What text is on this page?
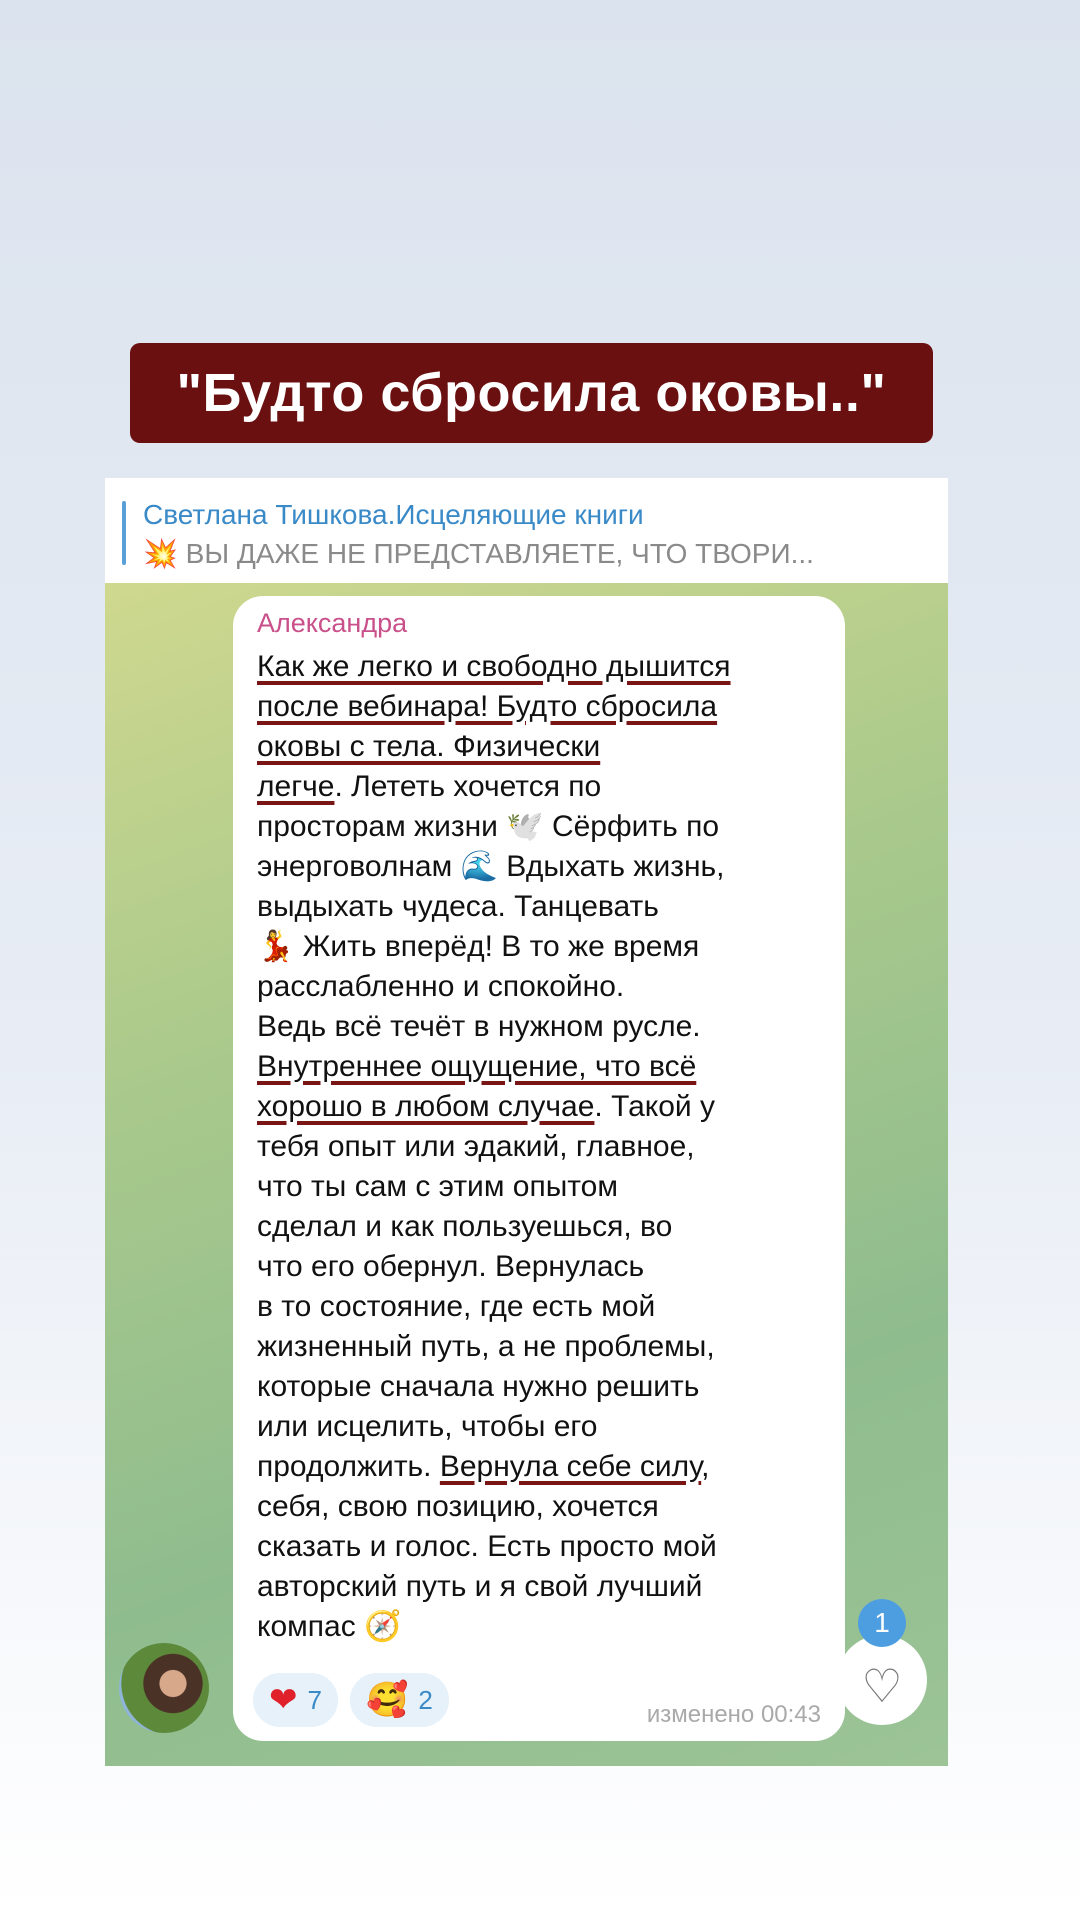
"Будто сбросила оковы.."
Светлана Тишкова.Исцеляющие книги
💥 ВЫ ДАЖЕ НЕ ПРЕДСТАВЛЯЕТЕ, ЧТО ТВОРИ...
Александра
Как же легко и свободно дышится
после вебинара! Будто сбросила
оковы с тела. Физически
легче. Лететь хочется по
просторам жизни 🕊️ Сёрфить по
энерговолнам 🌊 Вдыхать жизнь,
выдыхать чудеса. Танцевать
💃 Жить вперёд! В то же время
расслабленно и спокойно.
Ведь всё течёт в нужном русле.
Внутреннее ощущение, что всё
хорошо в любом случае. Такой у
тебя опыт или эдакий, главное,
что ты сам с этим опытом
сделал и как пользуешься, во
что его обернул. Вернулась
в то состояние, где есть мой
жизненный путь, а не проблемы,
которые сначала нужно решить
или исцелить, чтобы его
продолжить. Вернула себе силу,
себя, свою позицию, хочется
сказать и голос. Есть просто мой
авторский путь и я свой лучший
компас 🧭
❤ 7 🥰 2	изменено 00:43
♡
1
